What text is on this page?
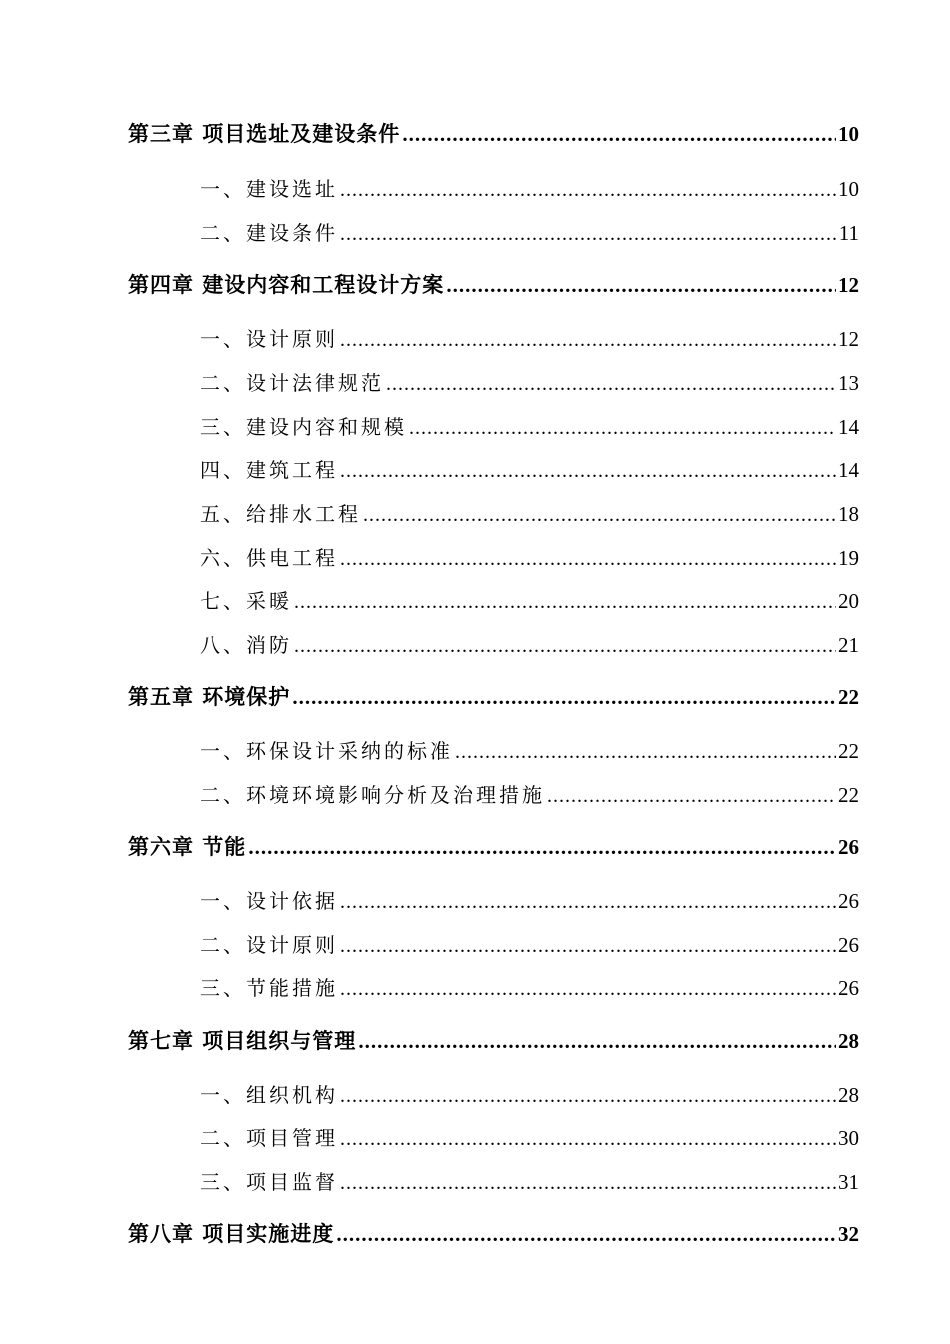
第三章 项目选址及建设条件 .....	10
一、建设选址 .....	10
二、建设条件 .....	11
第四章 建设内容和工程设计方案 .....	12
一、设计原则 .....	12
二、设计法律规范 .....	13
三、建设内容和规模 .....	14
四、建筑工程 .....	14
五、给排水工程 .....	18
六、供电工程 .....	19
七、采暖 .....	20
八、消防 .....	21
第五章 环境保护 .....	22
一、环保设计采纳的标准 .....	22
二、环境环境影响分析及治理措施 .....	22
第六章 节能 .....	26
一、设计依据 .....	26
二、设计原则 .....	26
三、节能措施 .....	26
第七章 项目组织与管理 .....	28
一、组织机构 .....	28
二、项目管理 .....	30
三、项目监督 .....	31
第八章 项目实施进度 .....	32
